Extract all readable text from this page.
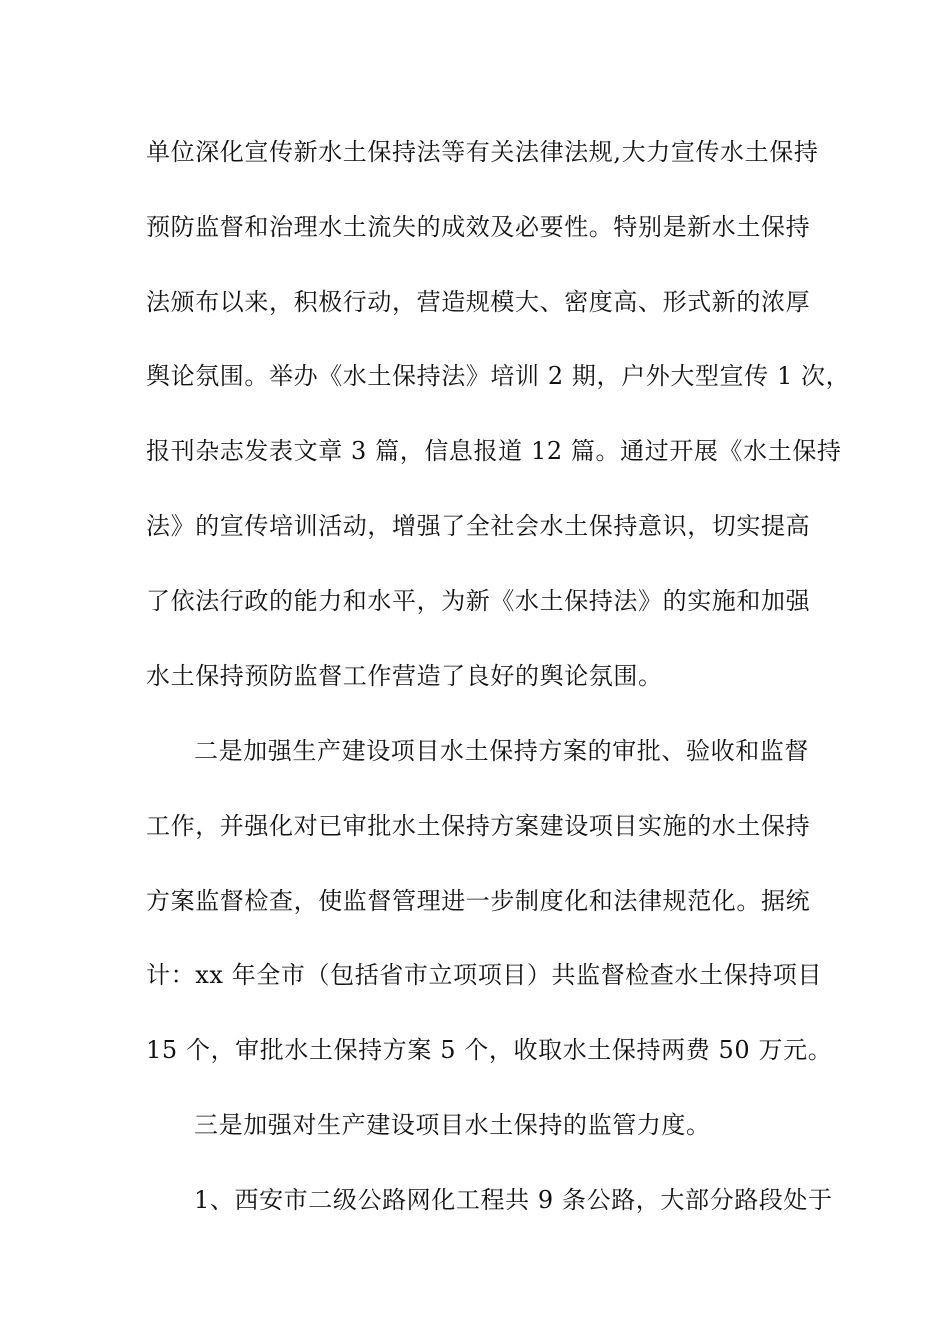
单位深化宣传新水土保持法等有关法律法规,大力宣传水土保持
预防监督和治理水土流失的成效及必要性。特别是新水土保持
法颁布以来，积极行动，营造规模大、密度高、形式新的浓厚
舆论氛围。举办《水土保持法》培训 2 期，户外大型宣传 1 次，
报刊杂志发表文章 3 篇，信息报道 12 篇。通过开展《水土保持
法》的宣传培训活动，增强了全社会水土保持意识，切实提高
了依法行政的能力和水平，为新《水土保持法》的实施和加强
水土保持预防监督工作营造了良好的舆论氛围。
二是加强生产建设项目水土保持方案的审批、验收和监督
工作，并强化对已审批水土保持方案建设项目实施的水土保持
方案监督检查，使监督管理进一步制度化和法律规范化。据统
计：xx 年全市（包括省市立项项目）共监督检查水土保持项目
15 个，审批水土保持方案 5 个，收取水土保持两费 50 万元。
三是加强对生产建设项目水土保持的监管力度。
1、西安市二级公路网化工程共 9 条公路，大部分路段处于
